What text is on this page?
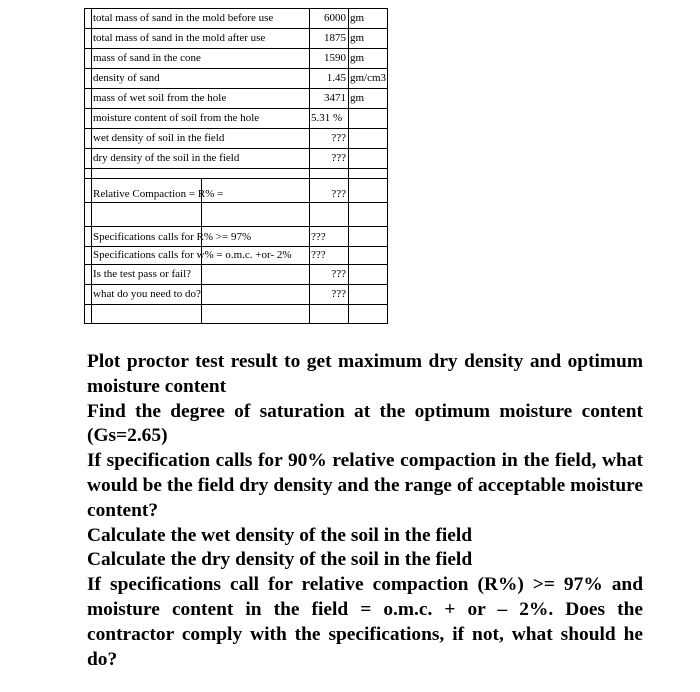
total mass of sand in the mold before use	6000 gm
total mass of sand in the mold after use	1875 gm
mass of sand in the cone	1590 gm
density of sand	1.45 gm/cm3
mass of wet soil from the hole	3471 gm
moisture content of soil from the hole	5.31 %
wet density of soil in the field	???
dry density of the soil in the field	???
Relative Compaction = R% =	???
Specifications calls for R% >= 97%	???
Specifications calls for w% = o.m.c. +or- 2% ???
Is the test pass or fail?	???
what do you need to do?	???

Plot proctor test result to get maximum dry density and optimum moisture content

Find the degree of saturation at the optimum moisture content (Gs=2.65)

If specification calls for 90% relative compaction in the field, what would be the field dry density and the range of acceptable moisture content?

Calculate the wet density of the soil in the field

Calculate the dry density of the soil in the field

If specifications call for relative compaction (R%) >= 97% and moisture content in the field = o.m.c. + or – 2%. Does the contractor comply with the specifications, if not, what should he do?
